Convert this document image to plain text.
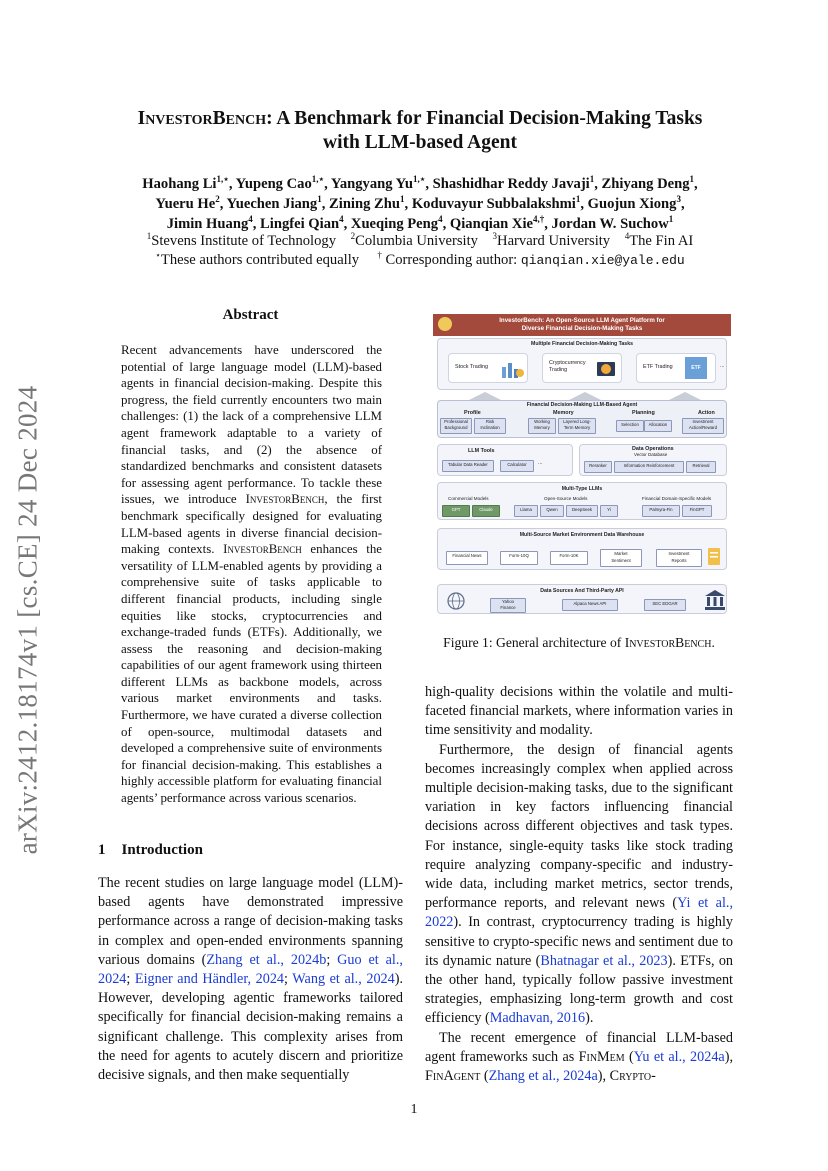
arXiv:2412.18174v1 [cs.CE] 24 Dec 2024
InvestorBench: A Benchmark for Financial Decision-Making Tasks
with LLM-based Agent
Haohang $Li^{1,⋆}$, Yupeng Cao$^{1,⋆}$, Yangyang $Yu^{1,⋆}$, Shashidhar Reddy Javaji$^1$, Zhiyang Deng$^1$,
Yueru He$^2$, Yuechen Jiang$^1$, Zining Zhu$^1$, Koduvayur Subbalakshmi$^1$, Guojun Xiong$^3$,
Jimin Huang$^4$, Lingfei Qian$^4$, Xueqing Peng$^4$, Qianqian Xie$^{4,\dagger}$, Jordan W. Suchow$^1$
$^1$Stevens Institute of Technology $^2$Columbia University $^3$Harvard University $^4$The Fin AI
⋆These authors contributed equally † Corresponding author: qianqian.xie@yale.edu
Abstract
Recent advancements have underscored the potential of large language model (LLM)-based agents in financial decision-making. Despite this progress, the field currently encounters two main challenges: (1) the lack of a comprehensive LLM agent framework adaptable to a variety of financial tasks, and (2) the absence of standardized benchmarks and consistent datasets for assessing agent performance. To tackle these issues, we introduce InvestorBench, the first benchmark specifically designed for evaluating LLM-based agents in diverse financial decision-making contexts. InvestorBench enhances the versatility of LLM-enabled agents by providing a comprehensive suite of tasks applicable to different financial products, including single equities like stocks, cryptocurrencies and exchange-traded funds (ETFs). Additionally, we assess the reasoning and decision-making capabilities of our agent framework using thirteen different LLMs as backbone models, across various market environments and tasks. Furthermore, we have curated a diverse collection of open-source, multimodal datasets and developed a comprehensive suite of environments for financial decision-making. This establishes a highly accessible platform for evaluating financial agents’ performance across various scenarios.
1 Introduction
The recent studies on large language model (LLM)-based agents have demonstrated impressive performance across a range of decision-making tasks in complex and open-ended environments spanning various domains (Zhang et al., 2024b; Guo et al., 2024; Eigner and Händler, 2024; Wang et al., 2024). However, developing agentic frameworks tailored specifically for financial decision-making remains a significant challenge. This complexity arises from the need for agents to acutely discern and prioritize decisive signals, and then make sequentially
high-quality decisions within the volatile and multi-faceted financial markets, where information varies in time sensitivity and modality.
Furthermore, the design of financial agents becomes increasingly complex when applied across multiple decision-making tasks, due to the significant variation in key factors influencing financial decisions across different objectives and task types. For instance, single-equity tasks like stock trading require analyzing company-specific and industry-wide data, including market metrics, sector trends, performance reports, and relevant news (Yi et al., 2022). In contrast, cryptocurrency trading is highly sensitive to crypto-specific news and sentiment due to its dynamic nature (Bhatnagar et al., 2023). ETFs, on the other hand, typically follow passive investment strategies, emphasizing long-term growth and cost efficiency (Madhavan, 2016).
The recent emergence of financial LLM-based agent frameworks such as FinMem (Yu et al., 2024a), FinAgent (Zhang et al., 2024a), Crypto-
InvestorBench: An Open-Source LLM Agent Platform for
Diverse Financial Decision-Making Tasks
Multiple Financial Decision-Making Tasks
Stock Trading
Cryptocurrency
Trading	ETF Trading	ETF	...
Financial Decision-Making LLM-Based Agent
Profile
Professional
Background
Risk
Inclination
Memory
Working
Memory
Layered Long-
Term Memory
Planning
Selection	Allocation
Action
Investment
Action/Reward
LLM Tools
Tabular Data Reader	Calculator	...
Data Operations
Vector Database
Reranker	Information Reinforcement	Retrieval
Multi-Type LLMs
Commercial Models
GPT	Claude
Open-Source Models
Llama	Qwen	DeepSeek	Yi
Financial Domain-Specific Models
Palmyra-Fin	FinGPT
Multi-Source Market Environment Data Warehouse
Financial News	Form-10Q	Form-10K	Market
Sentiment
Investment
Reports
Data Sources And Third-Party API
Yahoo
Finance
Alpaca News API	SEC EDGAR
Figure 1: General architecture of InvestorBench.
1
